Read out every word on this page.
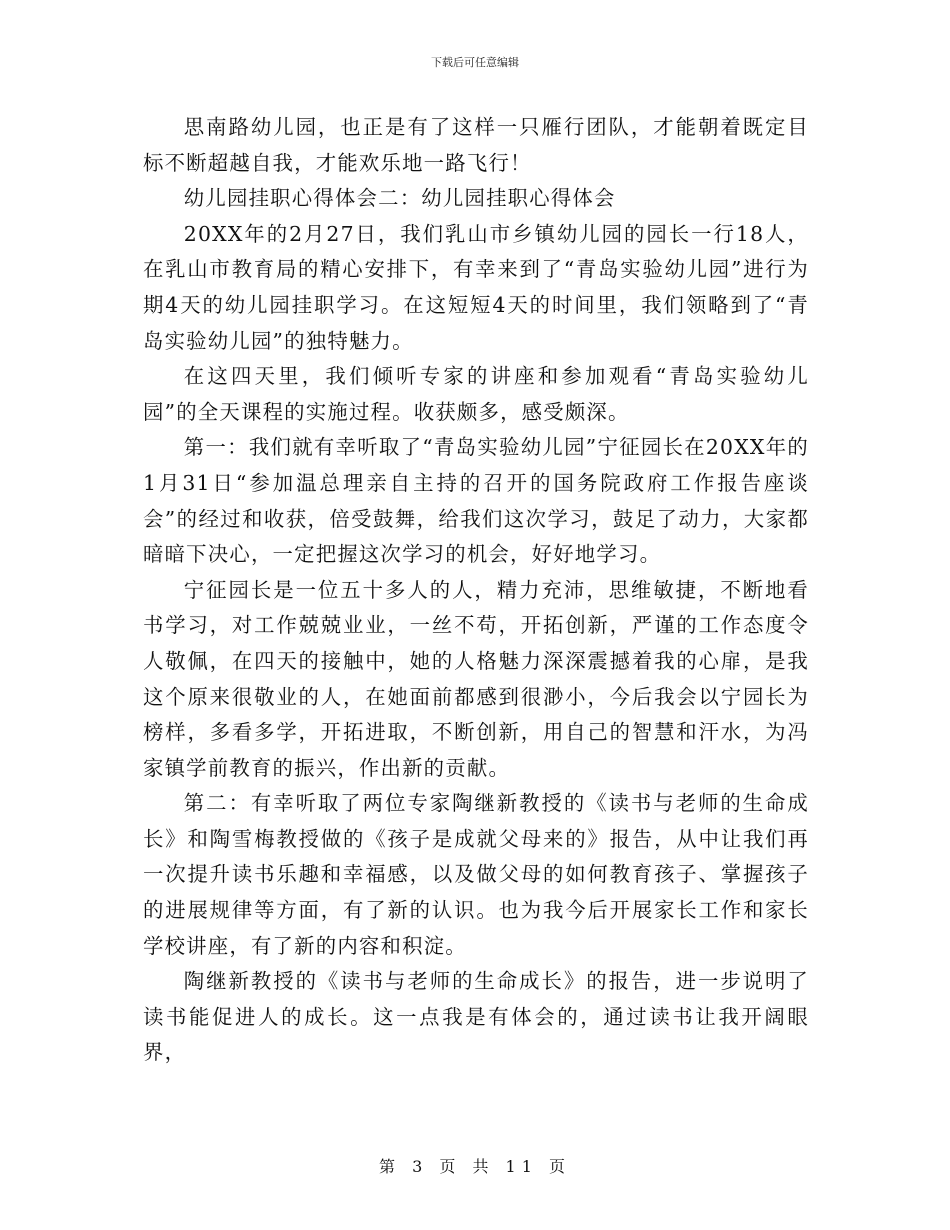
下载后可任意编辑

思南路幼儿园，也正是有了这样一只雁行团队，才能朝着既定目标不断超越自我，才能欢乐地一路飞行！

幼儿园挂职心得体会二：幼儿园挂职心得体会

20XX年的2月27日，我们乳山市乡镇幼儿园的园长一行18人，在乳山市教育局的精心安排下，有幸来到了“青岛实验幼儿园”进行为期4天的幼儿园挂职学习。在这短短4天的时间里，我们领略到了“青岛实验幼儿园”的独特魅力。

在这四天里，我们倾听专家的讲座和参加观看“青岛实验幼儿园”的全天课程的实施过程。收获颇多，感受颇深。

第一：我们就有幸听取了“青岛实验幼儿园”宁征园长在20XX年的1月31日“参加温总理亲自主持的召开的国务院政府工作报告座谈会”的经过和收获，倍受鼓舞，给我们这次学习，鼓足了动力，大家都暗暗下决心，一定把握这次学习的机会，好好地学习。

宁征园长是一位五十多人的人，精力充沛，思维敏捷，不断地看书学习，对工作兢兢业业，一丝不苟，开拓创新，严谨的工作态度令人敬佩，在四天的接触中，她的人格魅力深深震撼着我的心扉，是我这个原来很敬业的人，在她面前都感到很渺小，今后我会以宁园长为榜样，多看多学，开拓进取，不断创新，用自己的智慧和汗水，为冯家镇学前教育的振兴，作出新的贡献。

第二：有幸听取了两位专家陶继新教授的《读书与老师的生命成长》和陶雪梅教授做的《孩子是成就父母来的》报告，从中让我们再一次提升读书乐趣和幸福感，以及做父母的如何教育孩子、掌握孩子的进展规律等方面，有了新的认识。也为我今后开展家长工作和家长学校讲座，有了新的内容和积淀。

陶继新教授的《读书与老师的生命成长》的报告，进一步说明了读书能促进人的成长。这一点我是有体会的，通过读书让我开阔眼界，

第 3 页 共 11 页
